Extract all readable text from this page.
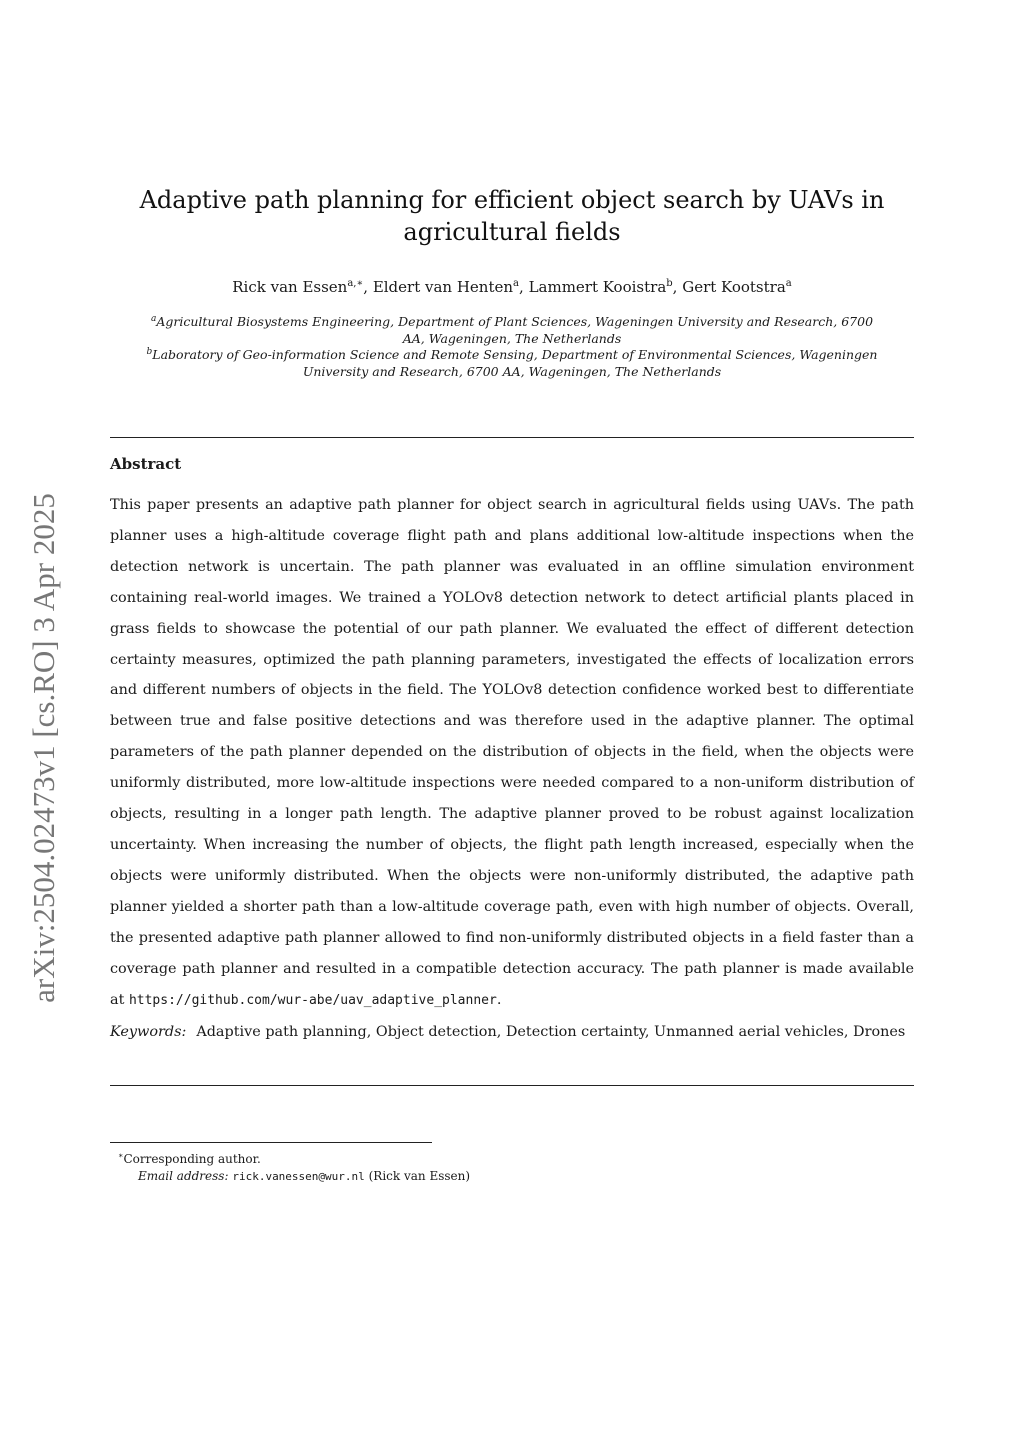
arXiv:2504.02473v1 [cs.RO] 3 Apr 2025
Adaptive path planning for efficient object search by UAVs in agricultural fields
Rick van Essen$^{a,∗}$, Eldert van Henten$^a$, Lammert Kooistra$^b$, Gert Kootstra$^a$
$^a$Agricultural Biosystems Engineering, Department of Plant Sciences, Wageningen University and Research, 6700 AA, Wageningen, The Netherlands
$^b$Laboratory of Geo-information Science and Remote Sensing, Department of Environmental Sciences, Wageningen University and Research, 6700 AA, Wageningen, The Netherlands
Abstract

This paper presents an adaptive path planner for object search in agricultural fields using UAVs. The path planner uses a high-altitude coverage flight path and plans additional low-altitude inspections when the detection network is uncertain. The path planner was evaluated in an offline simulation environment containing real-world images. We trained a YOLOv8 detection network to detect artificial plants placed in grass fields to showcase the potential of our path planner. We evaluated the effect of different detection certainty measures, optimized the path planning parameters, investigated the effects of localization errors and different numbers of objects in the field. The YOLOv8 detection confidence worked best to differentiate between true and false positive detections and was therefore used in the adaptive planner. The optimal parameters of the path planner depended on the distribution of objects in the field, when the objects were uniformly distributed, more low-altitude inspections were needed compared to a non-uniform distribution of objects, resulting in a longer path length. The adaptive planner proved to be robust against localization uncertainty. When increasing the number of objects, the flight path length increased, especially when the objects were uniformly distributed. When the objects were non-uniformly distributed, the adaptive path planner yielded a shorter path than a low-altitude coverage path, even with high number of objects. Overall, the presented adaptive path planner allowed to find non-uniformly distributed objects in a field faster than a coverage path planner and resulted in a compatible detection accuracy. The path planner is made available at https://github.com/wur-abe/uav_adaptive_planner.

Keywords: Adaptive path planning, Object detection, Detection certainty, Unmanned aerial vehicles, Drones
∗Corresponding author.
Email address: rick.vanessen@wur.nl (Rick van Essen)
